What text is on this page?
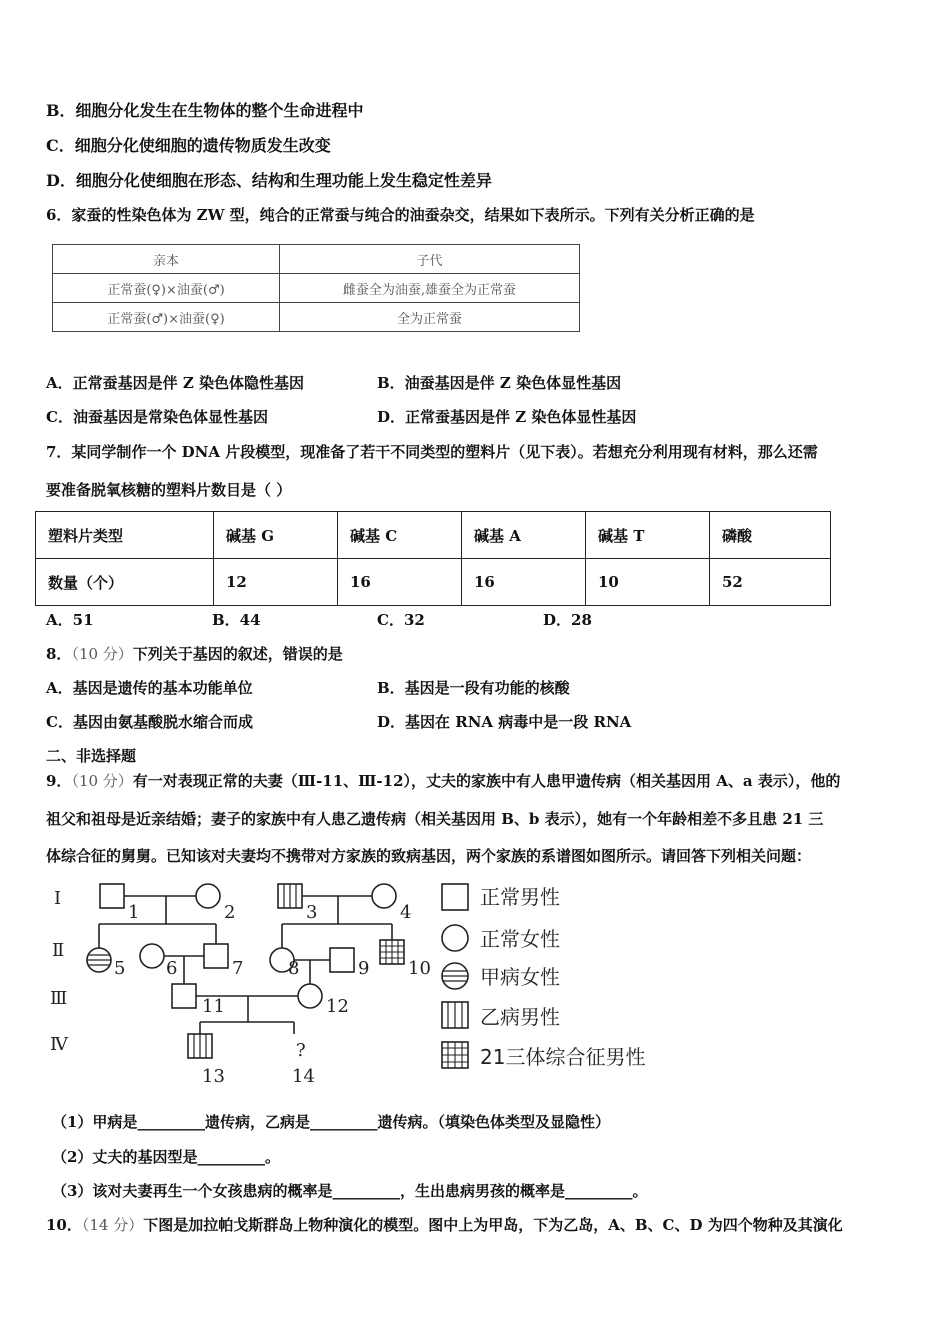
B．细胞分化发生在生物体的整个生命进程中
C．细胞分化使细胞的遗传物质发生改变
D．细胞分化使细胞在形态、结构和生理功能上发生稳定性差异
6．家蚕的性染色体为 ZW 型，纯合的正常蚕与纯合的油蚕杂交，结果如下表所示。下列有关分析正确的是
亲本	子代
正常蚕(♀)×油蚕(♂)	雌蚕全为油蚕,雄蚕全为正常蚕
正常蚕(♂)×油蚕(♀)	全为正常蚕
A．正常蚕基因是伴 Z 染色体隐性基因	B．油蚕基因是伴 Z 染色体显性基因
C．油蚕基因是常染色体显性基因	D．正常蚕基因是伴 Z 染色体显性基因
7．某同学制作一个 DNA 片段模型，现准备了若干不同类型的塑料片（见下表）。若想充分利用现有材料，那么还需
要准备脱氧核糖的塑料片数目是（ ）
塑料片类型	碱基 G	碱基 C	碱基 A	碱基 T	磷酸
数量（个）	12	16	16	10	52
A．51	B．44	C．32	D．28
8．（10 分）下列关于基因的叙述，错误的是
A．基因是遗传的基本功能单位	B．基因是一段有功能的核酸
C．基因由氨基酸脱水缩合而成	D．基因在 RNA 病毒中是一段 RNA
二、非选择题
9．（10 分）有一对表现正常的夫妻（Ⅲ-11、Ⅲ-12），丈夫的家族中有人患甲遗传病（相关基因用 A、a 表示），他的
祖父和祖母是近亲结婚；妻子的家族中有人患乙遗传病（相关基因用 B、b 表示），她有一个年龄相差不多且患 21 三
体综合征的舅舅。已知该对夫妻均不携带对方家族的致病基因，两个家族的系谱图如图所示。请回答下列相关问题：
Ⅰ
Ⅱ
Ⅲ
Ⅳ
1	2	3	4
5 6	7 8	9 10
11	12
13	14
?
正常男性
正常女性
甲病女性
乙病男性
21三体综合征男性
（1）甲病是_________遗传病，乙病是_________遗传病。（填染色体类型及显隐性）
（2）丈夫的基因型是_________。
（3）该对夫妻再生一个女孩患病的概率是_________，生出患病男孩的概率是_________。
10．（14 分）下图是加拉帕戈斯群岛上物种演化的模型。图中上为甲岛，下为乙岛，A、B、C、D 为四个物种及其演化
